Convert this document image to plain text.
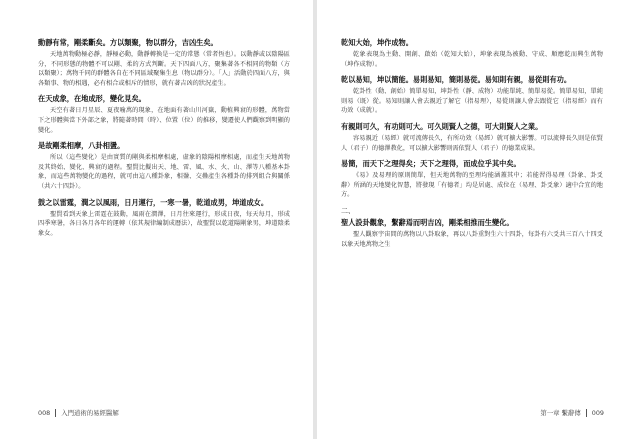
動靜有常，剛柔斷矣。方以類聚，物以群分，吉凶生矣。
天地萬物動極必靜，靜極必動，動靜轉換是一定的常態（常者恆也）。以動靜或以陰陽區分，不同形態的物體不可以剛、柔的方式判斷。天下四面八方，聚集著各不相同的物類（方以類聚）；萬物千同的群體各自在不同區域聚集生息（物以群分）。「人」活動於四面八方，與各類事、物的相遇，必有相合或相斥的情形，就有著吉凶的狀況產生。
在天成象，在地成形，變化見矣。
天空有著日月星辰、夏夜喻萬的現象，在地面有著山川河嶽，動植興衰的形體，萬物當下之形體與當下外部之象，將隨著時間（時）、位置（位）的推移，變遷使人們觀察到明顯的變化。
是故剛柔相摩，八卦相盪。
所以（這些變化）是由實質的剛與柔相摩相處，虛象的陰陽相摩相處，而產生天地萬物及其終始、變化、興衰的過程。聖賢比擬出天、地、雷、風、水、火、山、澤等八種基本卦象，而這些萬物變化的過程，就可由這八種卦象，相盪、交疊產生各種卦的排列組合與關係（共六十四卦）。
鼓之以雷霆，潤之以風雨，日月運行，一寒一暑，乾道成男，坤道成女。
聖賢看到天象上雷霆在鼓動，風雨在潤澤，日月往來運行，形成日夜，每天每月，形成四季寒暑，各日各月各年的運轉（依其規律編制成曆法），故聖賢以乾道陽剛象男，坤道陰柔象女。
008 入門道術的易經醫解
乾知大始，坤作成物。
乾象表現為主動、開創、啟始（乾知大始），坤象表現為被動、守成、順應乾而興生萬物（坤作成物）。
乾以易知，坤以簡能。易則易知，簡則易從。易知則有親，易從則有功。
乾卦性（動、創始）簡單易知，坤卦性（靜、成物）功能單純、簡單易從。簡單易知，單純則易（既）從。易知則讓人會去親近了解它（指易理），易從則讓人會去跟從它（指易經）而有功效（成就）。
有親則可久，有功則可大。可久則賢人之德，可大則賢人之業。
容易親近（易經）就可流傳長久，有所功效（易經）就可擴大影響。可以流傳長久則是依賢人（君子）的德澤教化，可以擴大影響則需依賢人（君子）的德業成果。
易簡，而天下之理得矣；天下之理得，而成位乎其中矣。
《易》及易理的原則簡單，但天地萬物的至理均能涵蓋其中；若能習得易理（卦象、卦爻辭）所涵的天地變化智慧，將發現「有德者」均是居處、成位在（易理、卦爻象）適中合宜的地方。
二、
聖人設卦觀象，繫辭焉而明吉凶，剛柔相推而生變化。
聖人觀察宇宙間的萬物以八卦取象，再以八卦重對生六十四卦，每卦有六爻共三百八十四爻以象天地萬物之生
第一章 繫辭傳 009
